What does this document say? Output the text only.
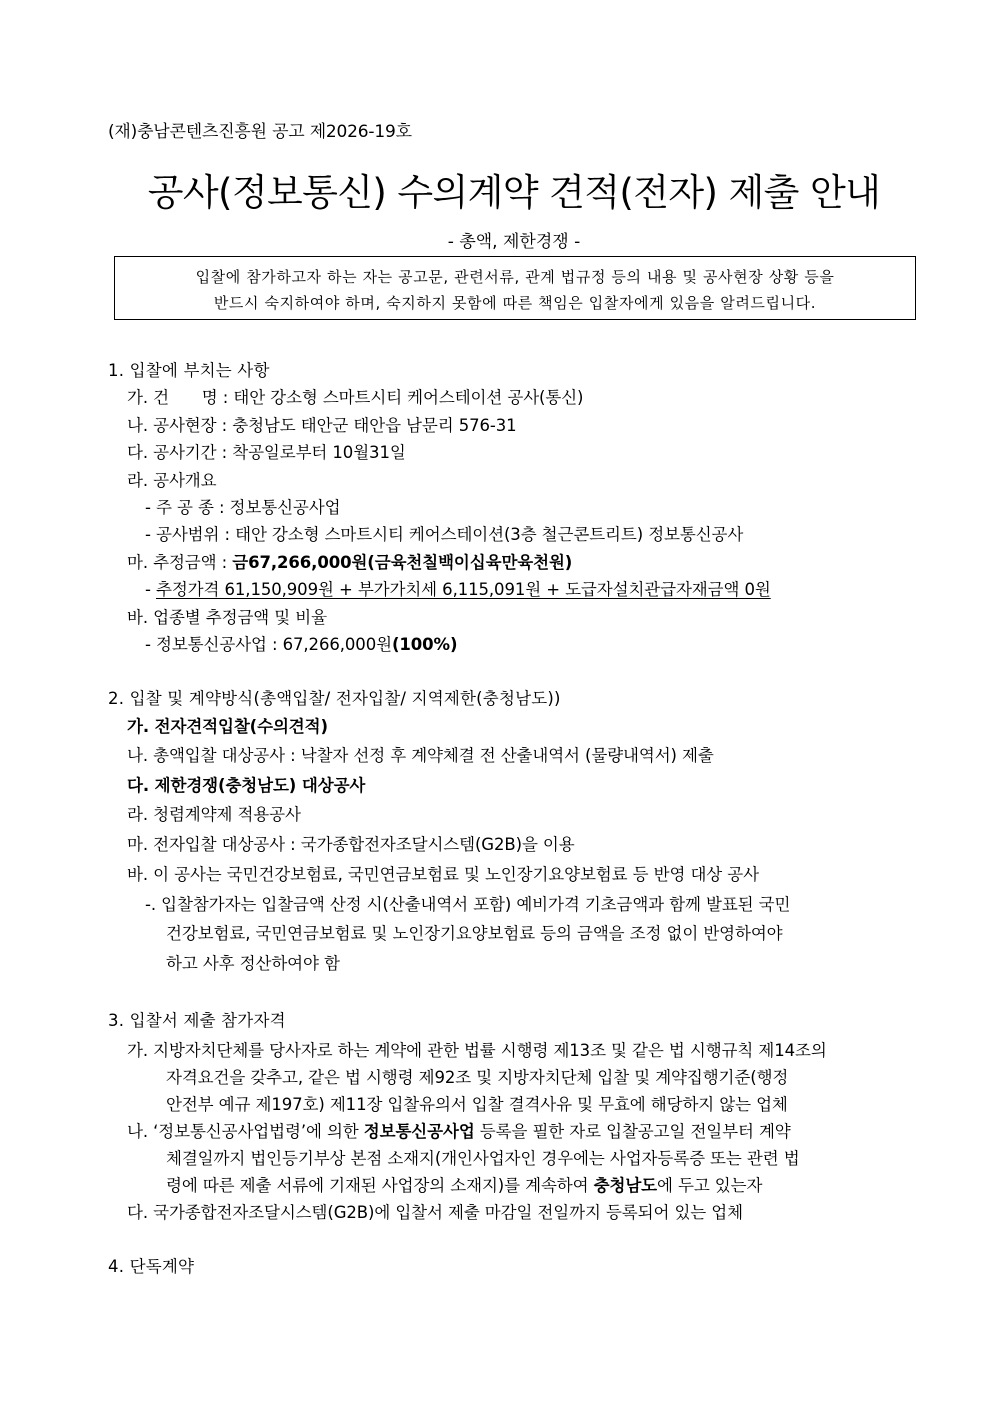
(재)충남콘텐츠진흥원 공고 제2026-19호
공사(정보통신) 수의계약 견적(전자) 제출 안내
- 총액, 제한경쟁 -
입찰에 참가하고자 하는 자는 공고문, 관련서류, 관계 법규정 등의 내용 및 공사현장 상황 등을
반드시 숙지하여야 하며, 숙지하지 못함에 따른 책임은 입찰자에게 있음을 알려드립니다.
1. 입찰에 부치는 사항
가. 건　　명 : 태안 강소형 스마트시티 케어스테이션 공사(통신)
나. 공사현장 : 충청남도 태안군 태안읍 남문리 576-31
다. 공사기간 : 착공일로부터 10월31일
라. 공사개요
- 주 공 종 : 정보통신공사업
- 공사범위 : 태안 강소형 스마트시티 케어스테이션(3층 철근콘트리트) 정보통신공사
마. 추정금액 : 금67,266,000원(금육천칠백이십육만육천원)
- 추정가격 61,150,909원 + 부가가치세 6,115,091원 + 도급자설치관급자재금액 0원
바. 업종별 추정금액 및 비율
- 정보통신공사업 : 67,266,000원(100%)
2. 입찰 및 계약방식(총액입찰/ 전자입찰/ 지역제한(충청남도))
가. 전자견적입찰(수의견적)
나. 총액입찰 대상공사 : 낙찰자 선정 후 계약체결 전 산출내역서 (물량내역서) 제출
다. 제한경쟁(충청남도) 대상공사
라. 청렴계약제 적용공사
마. 전자입찰 대상공사 : 국가종합전자조달시스템(G2B)을 이용
바. 이 공사는 국민건강보험료, 국민연금보험료 및 노인장기요양보험료 등 반영 대상 공사
-. 입찰참가자는 입찰금액 산정 시(산출내역서 포함) 예비가격 기초금액과 함께 발표된 국민
건강보험료, 국민연금보험료 및 노인장기요양보험료 등의 금액을 조정 없이 반영하여야
하고 사후 정산하여야 함
3. 입찰서 제출 참가자격
가. 지방자치단체를 당사자로 하는 계약에 관한 법률 시행령 제13조 및 같은 법 시행규칙 제14조의
자격요건을 갖추고, 같은 법 시행령 제92조 및 지방자치단체 입찰 및 계약집행기준(행정
안전부 예규 제197호) 제11장 입찰유의서 입찰 결격사유 및 무효에 해당하지 않는 업체
나. ‘정보통신공사업법령’에 의한 정보통신공사업 등록을 필한 자로 입찰공고일 전일부터 계약
체결일까지 법인등기부상 본점 소재지(개인사업자인 경우에는 사업자등록증 또는 관련 법
령에 따른 제출 서류에 기재된 사업장의 소재지)를 계속하여 충청남도에 두고 있는자
다. 국가종합전자조달시스템(G2B)에 입찰서 제출 마감일 전일까지 등록되어 있는 업체
4. 단독계약
